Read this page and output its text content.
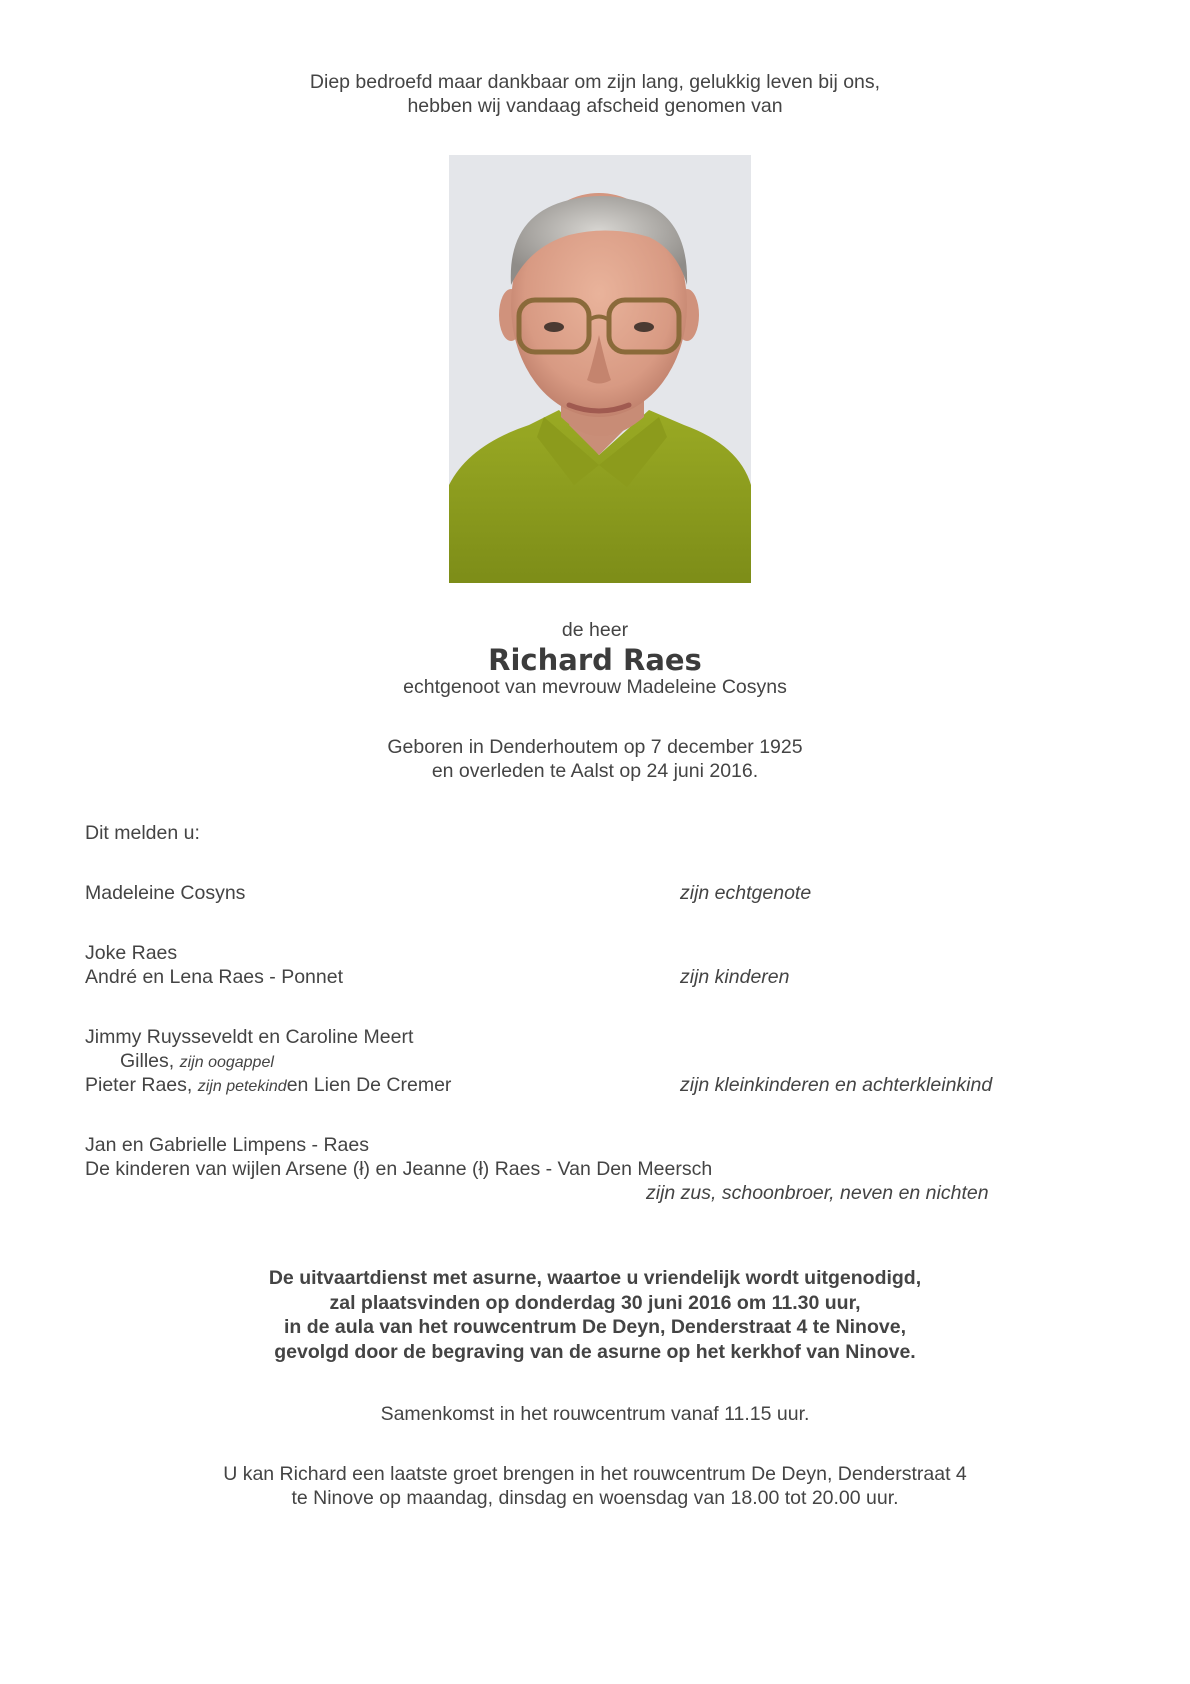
Diep bedroefd maar dankbaar om zijn lang, gelukkig leven bij ons,
hebben wij vandaag afscheid genomen van
de heer
Richard Raes
echtgenoot van mevrouw Madeleine Cosyns
Geboren in Denderhoutem op 7 december 1925
en overleden te Aalst op 24 juni 2016.
Dit melden u:
Madeleine Cosyns	zijn echtgenote
Joke Raes
André en Lena Raes - Ponnet	zijn kinderen
Jimmy Ruysseveldt en Caroline Meert
Gilles, zijn oogappel
Pieter Raes, zijn petekinden Lien De Cremer	zijn kleinkinderen en achterkleinkind
Jan en Gabrielle Limpens - Raes
De kinderen van wijlen Arsene (ł) en Jeanne (ł) Raes - Van Den Meersch
zijn zus, schoonbroer, neven en nichten
De uitvaartdienst met asurne, waartoe u vriendelijk wordt uitgenodigd,
zal plaatsvinden op donderdag 30 juni 2016 om 11.30 uur,
in de aula van het rouwcentrum De Deyn, Denderstraat 4 te Ninove,
gevolgd door de begraving van de asurne op het kerkhof van Ninove.
Samenkomst in het rouwcentrum vanaf 11.15 uur.
U kan Richard een laatste groet brengen in het rouwcentrum De Deyn, Denderstraat 4
te Ninove op maandag, dinsdag en woensdag van 18.00 tot 20.00 uur.
